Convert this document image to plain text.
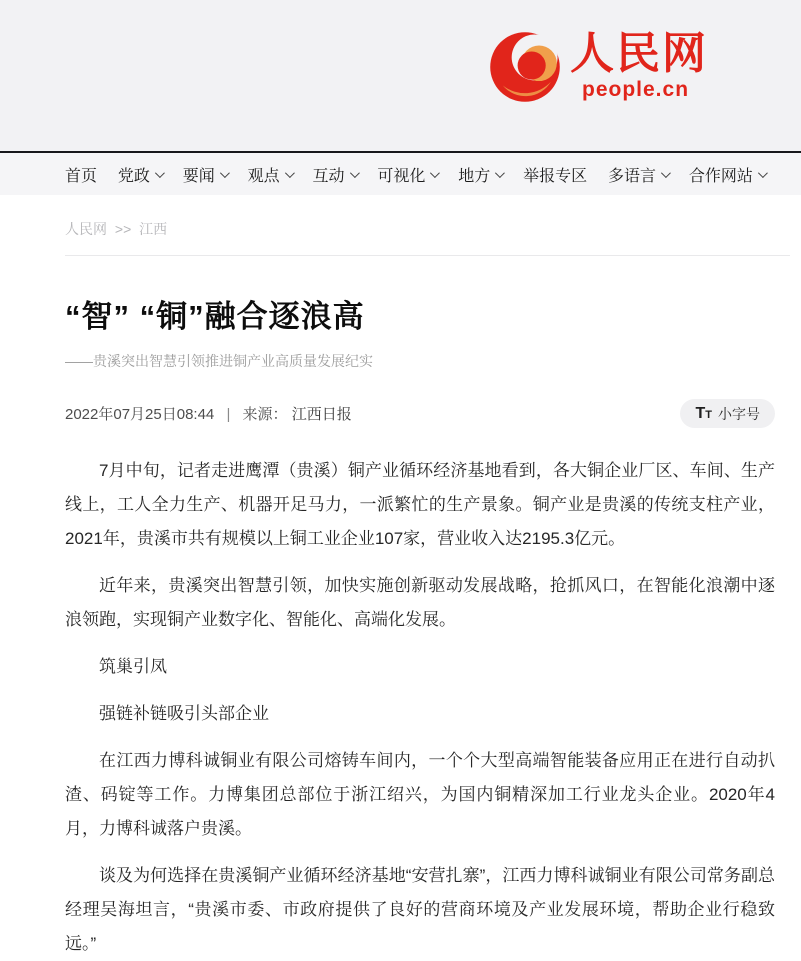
人民网
people.cn
首页 党政 要闻 观点 互动 可视化 地方 举报专区 多语言 合作网站
人民网 >> 江西
“智” “铜”融合逐浪高
——贵溪突出智慧引领推进铜产业高质量发展纪实
2022年07月25日08:44 | 来源： 江西日报	TT 小字号

7月中旬，记者走进鹰潭（贵溪）铜产业循环经济基地看到，各大铜企业厂区、车间、生产线上，工人全力生产、机器开足马力，一派繁忙的生产景象。铜产业是贵溪的传统支柱产业，2021年，贵溪市共有规模以上铜工业企业107家，营业收入达2195.3亿元。

近年来，贵溪突出智慧引领，加快实施创新驱动发展战略，抢抓风口，在智能化浪潮中逐浪领跑，实现铜产业数字化、智能化、高端化发展。

筑巢引凤

强链补链吸引头部企业

在江西力博科诚铜业有限公司熔铸车间内，一个个大型高端智能装备应用正在进行自动扒渣、码锭等工作。力博集团总部位于浙江绍兴，为国内铜精深加工行业龙头企业。2020年4月，力博科诚落户贵溪。

谈及为何选择在贵溪铜产业循环经济基地“安营扎寨”，江西力博科诚铜业有限公司常务副总经理吴海坦言，“贵溪市委、市政府提供了良好的营商环境及产业发展环境，帮助企业行稳致远。”
